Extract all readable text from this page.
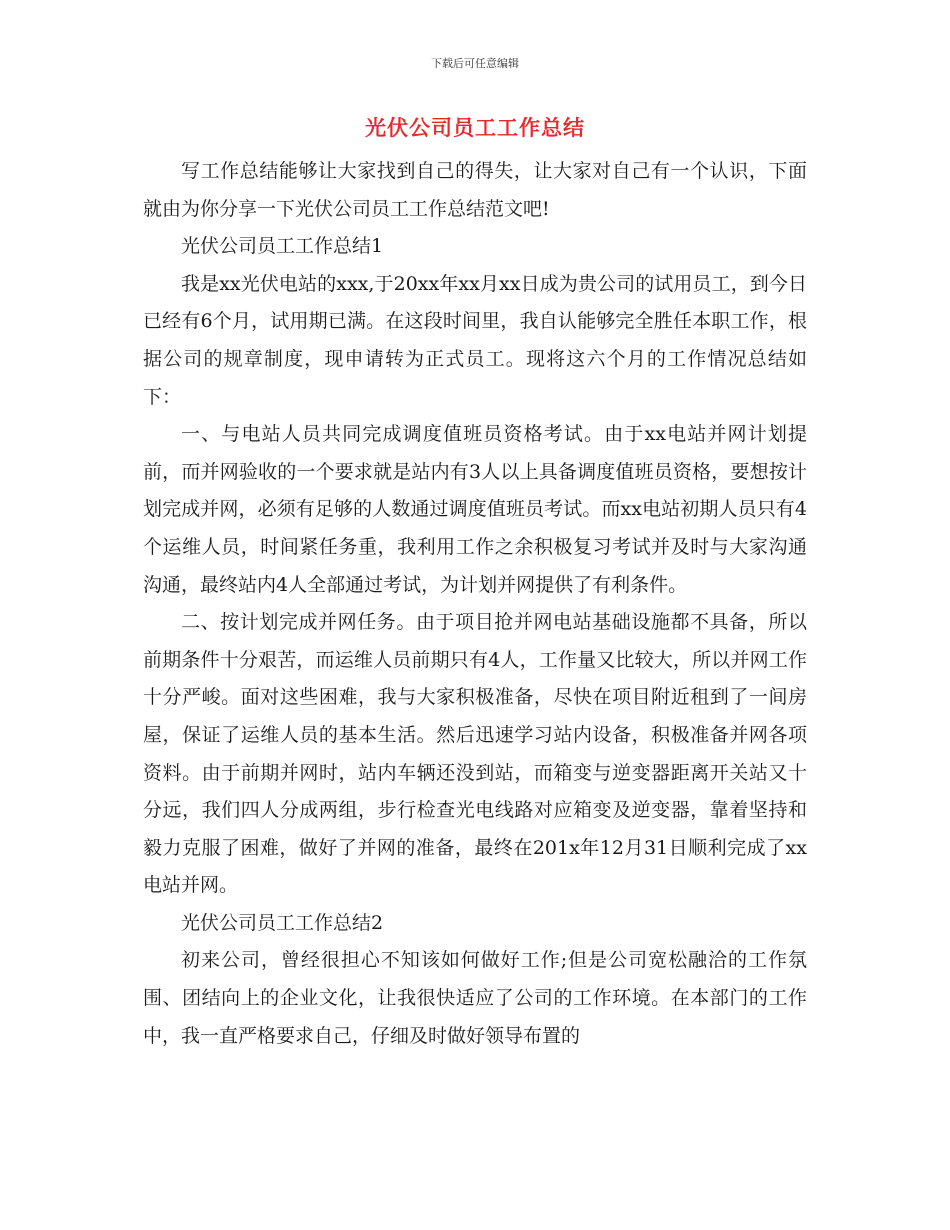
下载后可任意编辑
光伏公司员工工作总结

写工作总结能够让大家找到自己的得失，让大家对自己有一个认识，下面就由为你分享一下光伏公司员工工作总结范文吧!

光伏公司员工工作总结1

我是xx光伏电站的xxx,于20xx年xx月xx日成为贵公司的试用员工，到今日已经有6个月，试用期已满。在这段时间里，我自认能够完全胜任本职工作，根据公司的规章制度，现申请转为正式员工。现将这六个月的工作情况总结如下：

一、与电站人员共同完成调度值班员资格考试。由于xx电站并网计划提前，而并网验收的一个要求就是站内有3人以上具备调度值班员资格，要想按计划完成并网，必须有足够的人数通过调度值班员考试。而xx电站初期人员只有4个运维人员，时间紧任务重，我利用工作之余积极复习考试并及时与大家沟通沟通，最终站内4人全部通过考试，为计划并网提供了有利条件。

二、按计划完成并网任务。由于项目抢并网电站基础设施都不具备，所以前期条件十分艰苦，而运维人员前期只有4人，工作量又比较大，所以并网工作十分严峻。面对这些困难，我与大家积极准备，尽快在项目附近租到了一间房屋，保证了运维人员的基本生活。然后迅速学习站内设备，积极准备并网各项资料。由于前期并网时，站内车辆还没到站，而箱变与逆变器距离开关站又十分远，我们四人分成两组，步行检查光电线路对应箱变及逆变器，靠着坚持和毅力克服了困难，做好了并网的准备，最终在201x年12月31日顺利完成了xx电站并网。

光伏公司员工工作总结2

初来公司，曾经很担心不知该如何做好工作;但是公司宽松融洽的工作氛围、团结向上的企业文化，让我很快适应了公司的工作环境。在本部门的工作中，我一直严格要求自己，仔细及时做好领导布置的
